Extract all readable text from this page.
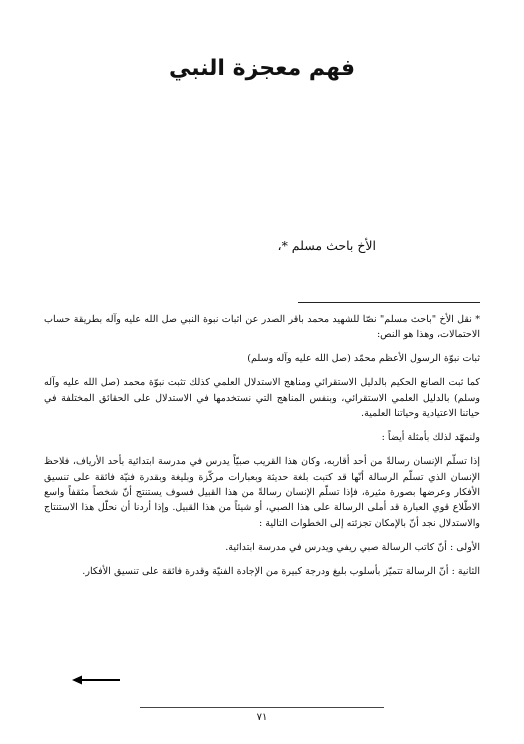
فهم معجزة النبي
الأخ باحث مسلم *،

* نقل الأخ "باحث مسلم" نصّا للشهيد محمد باقر الصدر عن اثبات نبوة النبي صل الله عليه وآله بطريقة حساب الاحتمالات، وهذا هو النص:

ثبات نبوّة الرسول الأعظم محمّد (صل الله عليه وآله وسلم)

كما ثبت الصانع الحكيم بالدليل الاستقرائي ومناهج الاستدلال العلمي كذلك تثبت نبوّة محمد (صل الله عليه وآله وسلم) بالدليل العلمي الاستقرائي، وبنفس المناهج التي نستخدمها في الاستدلال على الحقائق المختلفة في حياتنا الاعتيادية وحياتنا العلمية.

ولنمهّد لذلك بأمثلة أيضاً :

إذا تسلّم الإنسان رسالةً من أحد أقاربه، وكان هذا القريب صبيّاً يدرس في مدرسة ابتدائية بأحد الأرياف، فلاحظ الإنسان الذي تسلّم الرسالة أنّها قد كتبت بلغة حديثة وبعبارات مركّزة وبليغة وبقدرة فنيّة فائقة على تنسيق الأفكار وعرضها بصورة مثيرة، فإذا تسلّم الإنسان رسالةً من هذا القبيل فسوف يستنتج أنّ شخصاً مثقفاً واسع الاطّلاع قوي العبارة قد أملى الرسالة على هذا الصبي، أو شيئاً من هذا القبيل. وإذا أردنا أن نحلّل هذا الاستنتاج والاستدلال نجد أنّ بالإمكان تجزئته إلى الخطوات التالية :

الأولى : أنّ كاتب الرسالة صبي ريفي ويدرس في مدرسة ابتدائية.

الثانية : أنّ الرسالة تتميّز بأسلوب بليغ ودرجة كبيرة من الإجادة الفنيّة وقدرة فائقة على تنسيق الأفكار.

٧١
